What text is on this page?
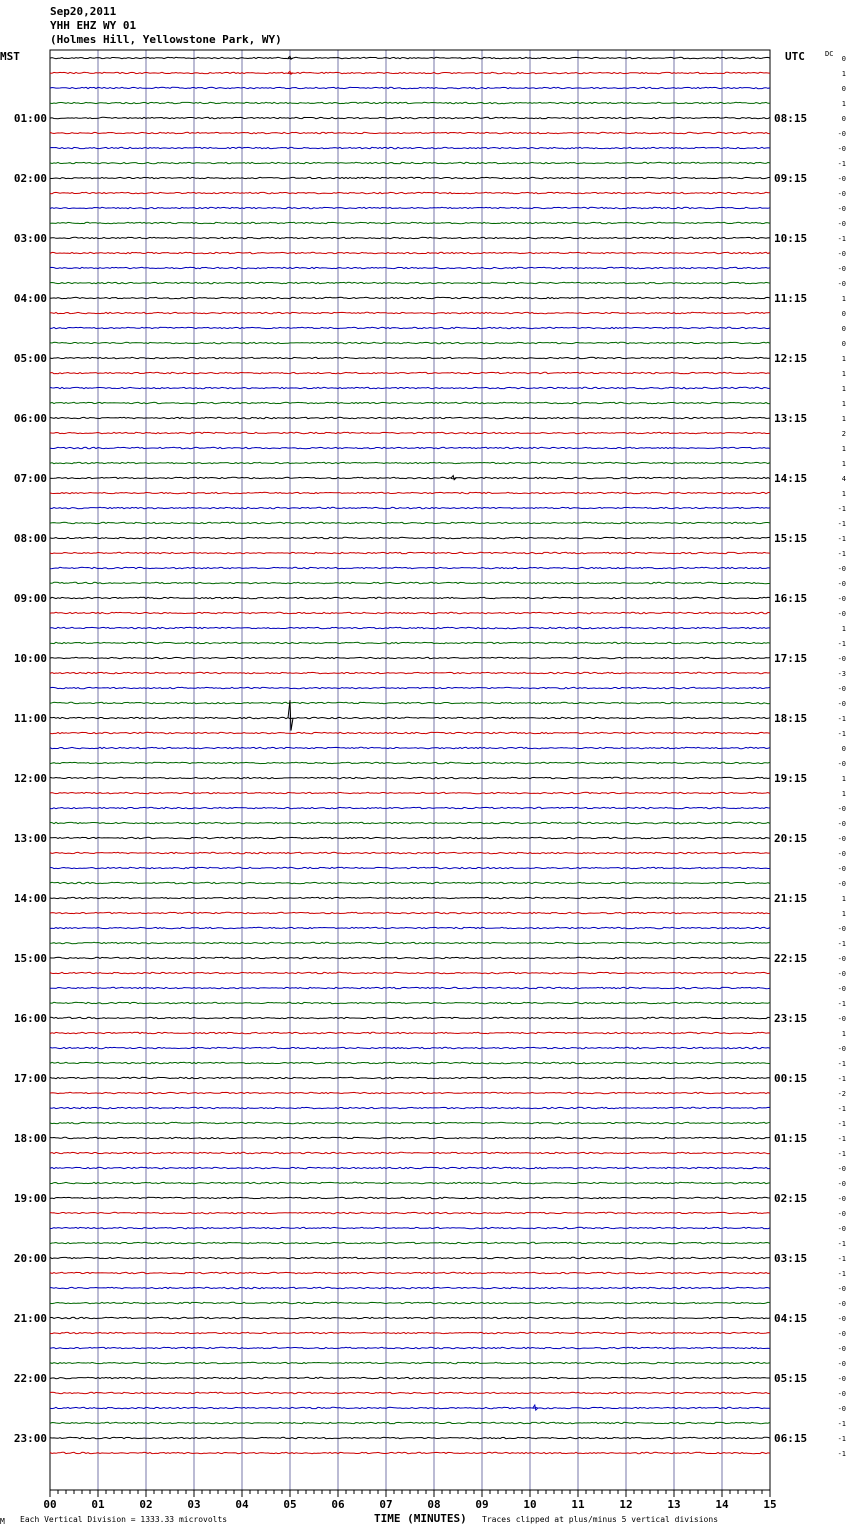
Sep20,2011
YHH EHZ WY 01
(Holmes Hill, Yellowstone Park, WY)
MST	UTC	DC
01:00
02:00
03:00
04:00
05:00
06:00
07:00
08:00
09:00
10:00
11:00
12:00
13:00
14:00
15:00
16:00
17:00
18:00
19:00
20:00
21:00
22:00
23:00
08:15
09:15
10:15
11:15
12:15
13:15
14:15
15:15
16:15
17:15
18:15
19:15
20:15
21:15
22:15
23:15
00:15
01:15
02:15
03:15
04:15
05:15
06:15
0
1
0
1
0
-0
-0
-1
-0
-0
-0
-0
-1
-0
-0
-0
1
0
0
0
1
1
1
1
1
2
1
1
4
1
-1
-1
-1
-1
-0
-0
-0
-0
1
-1
-0
-3
-0
-0
-1
-1
0
-0
1
1
-0
-0
-0
-0
-0
-0
1
1
-0
-1
-0
-0
-0
-1
-0
1
-0
-1
-1
-2
-1
-1
-1
-1
-0
-0
-0
-0
-0
-1
-1
-1
-0
-0
-0
-0
-0
-0
-0
-0
-0
-1
-1
-1
00	01	02	03	04	05	06	07	08	09	10	11	12	13	14	15
M Each Vertical Division = 1333.33 microvolts	TIME (MINUTES) Traces clipped at plus/minus 5 vertical divisions
